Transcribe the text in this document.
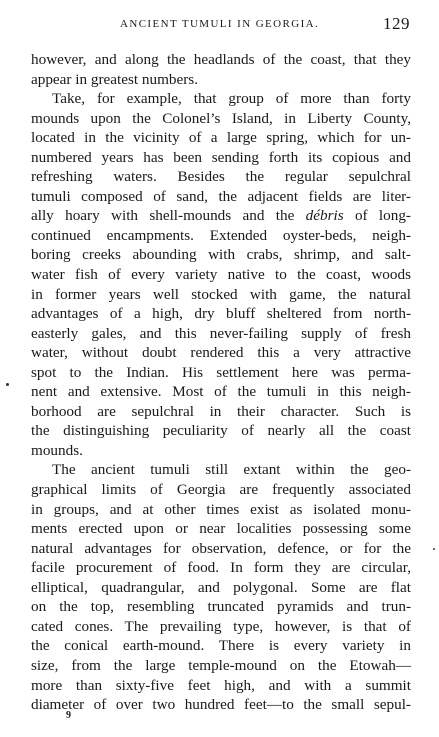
ANCIENT TUMULI IN GEORGIA.	129
however, and along the headlands of the coast, that they
appear in greatest numbers.
Take, for example, that group of more than forty
mounds upon the Colonel’s Island, in Liberty County,
located in the vicinity of a large spring, which for un-
numbered years has been sending forth its copious and
refreshing waters. Besides the regular sepulchral
tumuli composed of sand, the adjacent fields are liter-
ally hoary with shell-mounds and the débris of long-
continued encampments. Extended oyster-beds, neigh-
boring creeks abounding with crabs, shrimp, and salt-
water fish of every variety native to the coast, woods
in former years well stocked with game, the natural
advantages of a high, dry bluff sheltered from north-
easterly gales, and this never-failing supply of fresh
water, without doubt rendered this a very attractive
spot to the Indian. His settlement here was perma-
nent and extensive. Most of the tumuli in this neigh-
borhood are sepulchral in their character. Such is
the distinguishing peculiarity of nearly all the coast
mounds.
The ancient tumuli still extant within the geo-
graphical limits of Georgia are frequently associated
in groups, and at other times exist as isolated monu-
ments erected upon or near localities possessing some
natural advantages for observation, defence, or for the
facile procurement of food. In form they are circular,
elliptical, quadrangular, and polygonal. Some are flat
on the top, resembling truncated pyramids and trun-
cated cones. The prevailing type, however, is that of
the conical earth-mound. There is every variety in
size, from the large temple-mound on the Etowah—
more than sixty-five feet high, and with a summit
diameter of over two hundred feet—to the small sepul-
9
